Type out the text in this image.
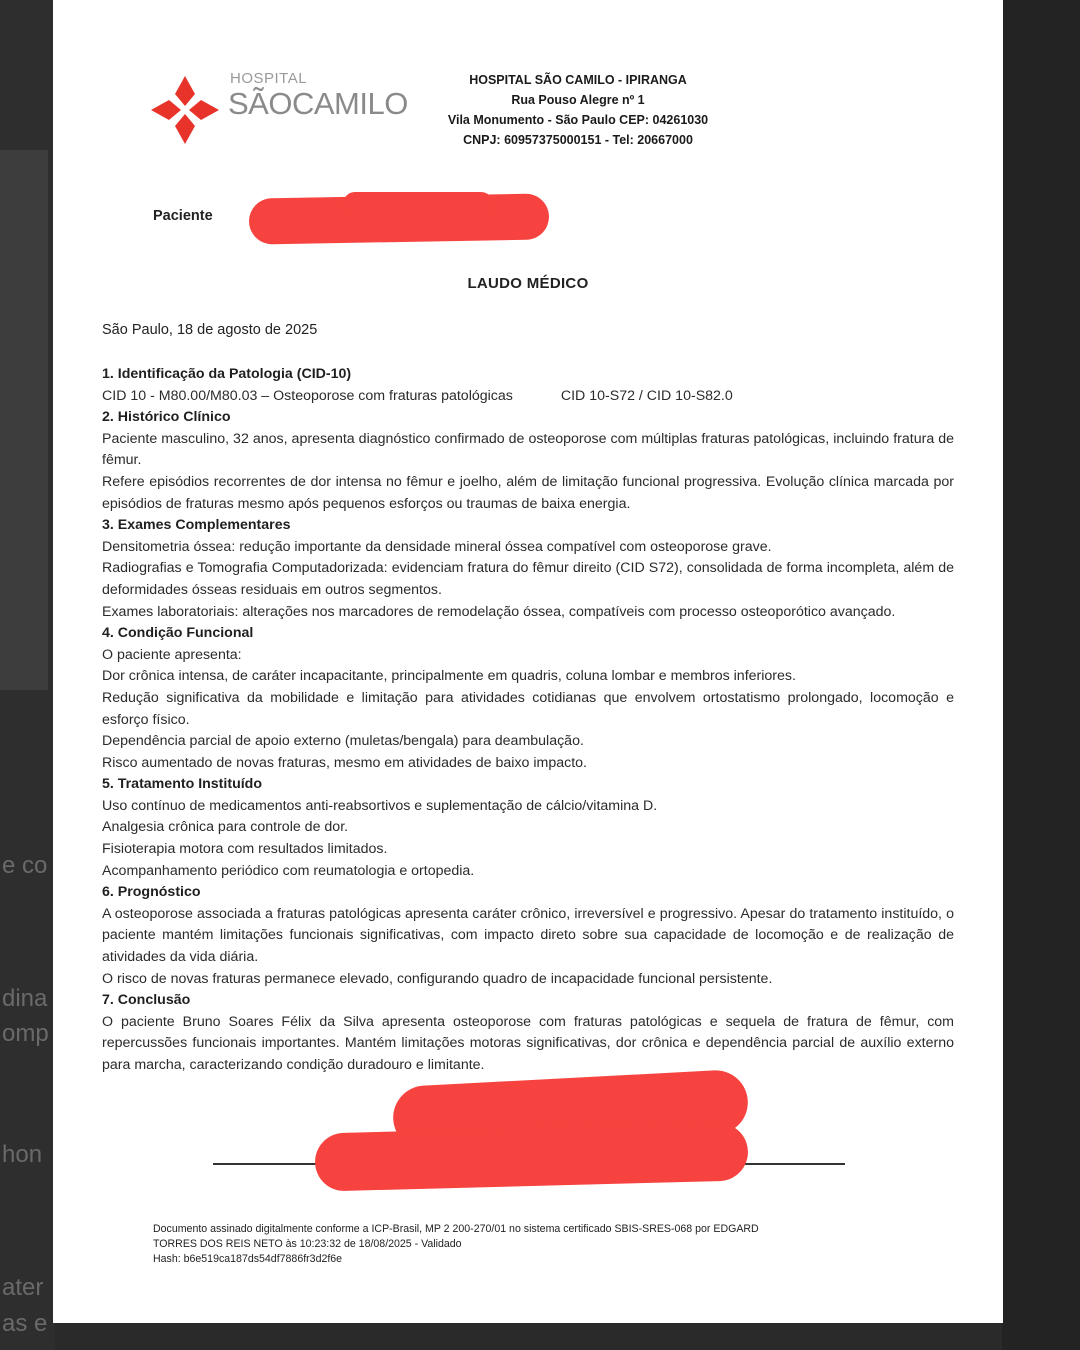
e co
dina
omp
hon
ater
as e
HOSPITAL
SÃOCAMILO
HOSPITAL SÃO CAMILO - IPIRANGA
Rua Pouso Alegre nº 1
Vila Monumento - São Paulo CEP: 04261030
CNPJ: 60957375000151 - Tel: 20667000
Paciente
LAUDO MÉDICO
São Paulo, 18 de agosto de 2025

1. Identificação da Patologia (CID-10)

CID 10 - M80.00/M80.03 – Osteoporose com fraturas patológicas	CID 10-S72 / CID 10-S82.0

2. Histórico Clínico

Paciente masculino, 32 anos, apresenta diagnóstico confirmado de osteoporose com múltiplas fraturas patológicas, incluindo fratura de fêmur.

Refere episódios recorrentes de dor intensa no fêmur e joelho, além de limitação funcional progressiva. Evolução clínica marcada por episódios de fraturas mesmo após pequenos esforços ou traumas de baixa energia.

3. Exames Complementares

Densitometria óssea: redução importante da densidade mineral óssea compatível com osteoporose grave.

Radiografias e Tomografia Computadorizada: evidenciam fratura do fêmur direito (CID S72), consolidada de forma incompleta, além de deformidades ósseas residuais em outros segmentos.

Exames laboratoriais: alterações nos marcadores de remodelação óssea, compatíveis com processo osteoporótico avançado.

4. Condição Funcional

O paciente apresenta:

Dor crônica intensa, de caráter incapacitante, principalmente em quadris, coluna lombar e membros inferiores.

Redução significativa da mobilidade e limitação para atividades cotidianas que envolvem ortostatismo prolongado, locomoção e esforço físico.

Dependência parcial de apoio externo (muletas/bengala) para deambulação.

Risco aumentado de novas fraturas, mesmo em atividades de baixo impacto.

5. Tratamento Instituído

Uso contínuo de medicamentos anti-reabsortivos e suplementação de cálcio/vitamina D.

Analgesia crônica para controle de dor.

Fisioterapia motora com resultados limitados.

Acompanhamento periódico com reumatologia e ortopedia.

6. Prognóstico

A osteoporose associada a fraturas patológicas apresenta caráter crônico, irreversível e progressivo. Apesar do tratamento instituído, o paciente mantém limitações funcionais significativas, com impacto direto sobre sua capacidade de locomoção e de realização de atividades da vida diária.

O risco de novas fraturas permanece elevado, configurando quadro de incapacidade funcional persistente.

7. Conclusão

O paciente Bruno Soares Félix da Silva apresenta osteoporose com fraturas patológicas e sequela de fratura de fêmur, com repercussões funcionais importantes. Mantém limitações motoras significativas, dor crônica e dependência parcial de auxílio externo para marcha, caracterizando condição duradouro e limitante.

Documento assinado digitalmente conforme a ICP-Brasil, MP 2 200-270/01 no sistema certificado SBIS-SRES-068 por EDGARD
TORRES DOS REIS NETO às 10:23:32 de 18/08/2025 - Validado
Hash: b6e519ca187ds54df7886fr3d2f6e
